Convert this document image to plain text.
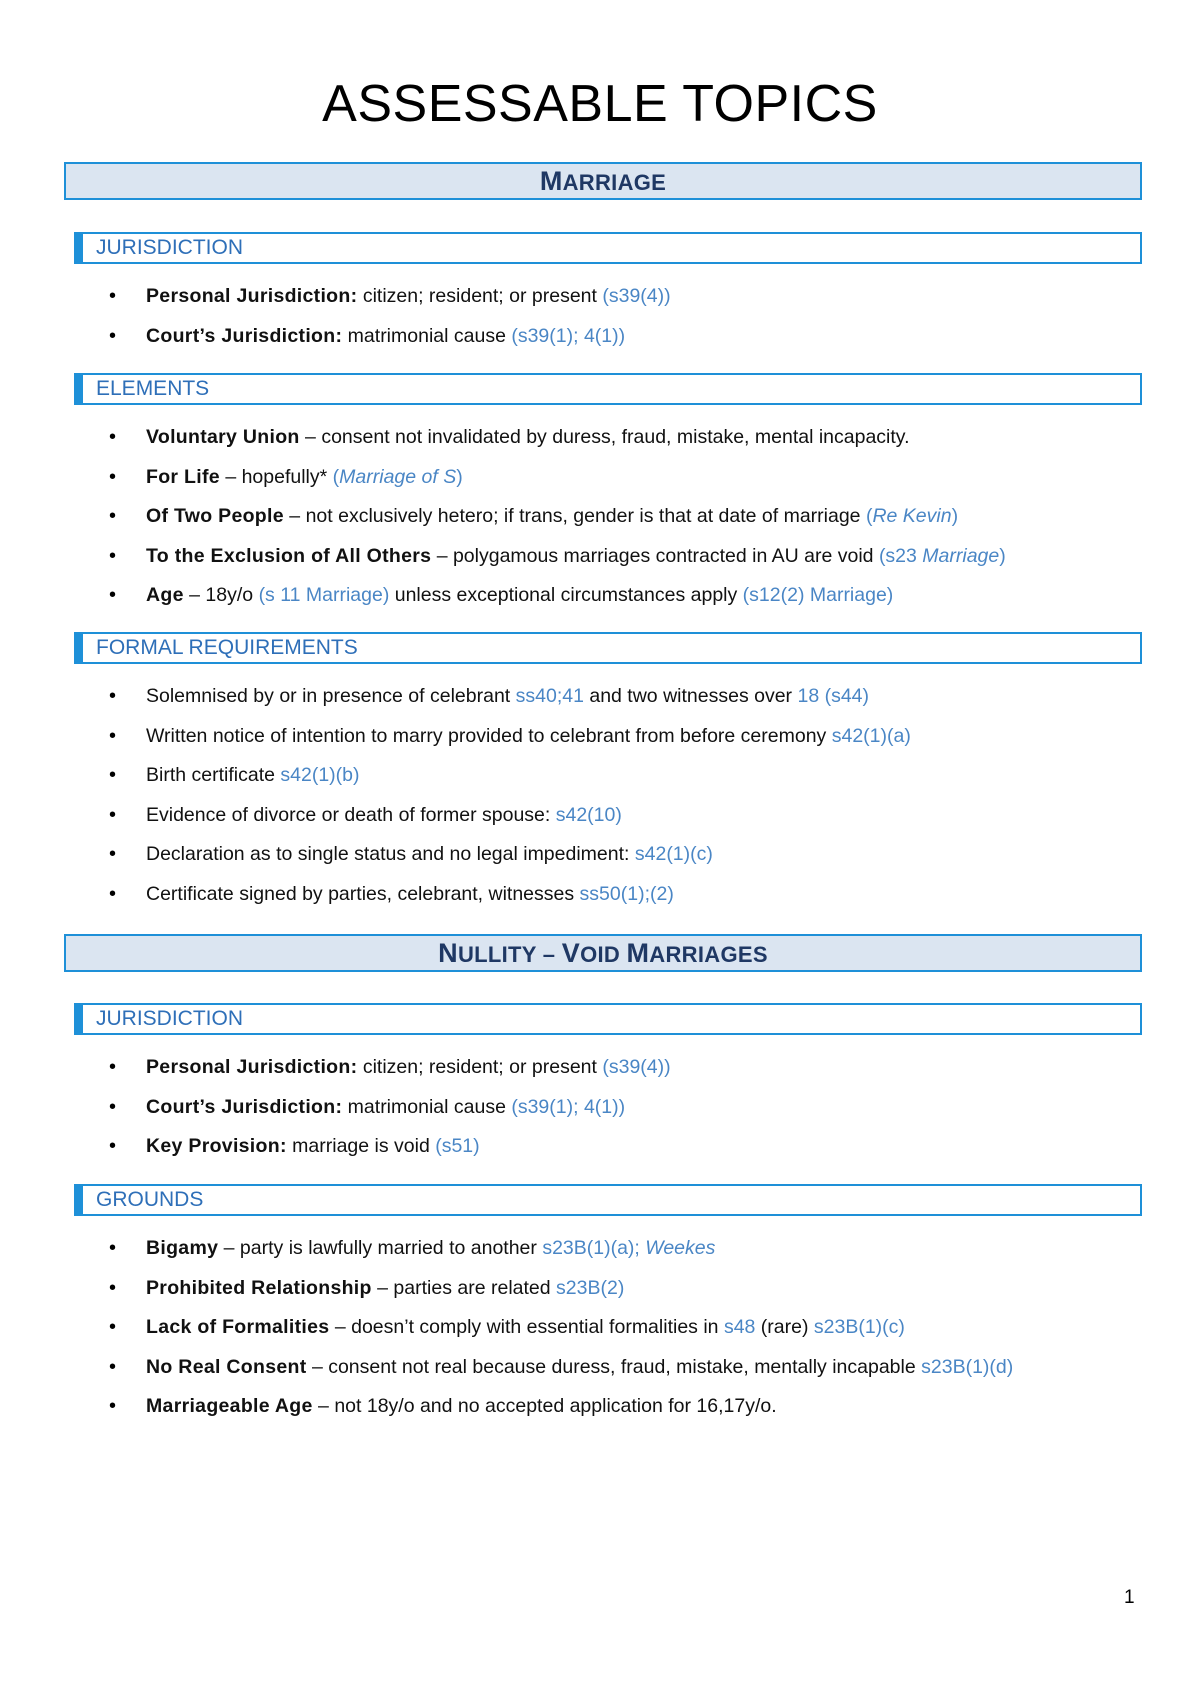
ASSESSABLE TOPICS
MARRIAGE
JURISDICTION
• Personal Jurisdiction: citizen; resident; or present (s39(4))
• Court’s Jurisdiction: matrimonial cause (s39(1); 4(1))
ELEMENTS
• Voluntary Union – consent not invalidated by duress, fraud, mistake, mental incapacity.
• For Life – hopefully* (Marriage of S)
• Of Two People – not exclusively hetero; if trans, gender is that at date of marriage (Re Kevin)
• To the Exclusion of All Others – polygamous marriages contracted in AU are void (s23 Marriage)
• Age – 18y/o (s 11 Marriage) unless exceptional circumstances apply (s12(2) Marriage)
FORMAL REQUIREMENTS
• Solemnised by or in presence of celebrant ss40;41 and two witnesses over 18 (s44)
• Written notice of intention to marry provided to celebrant from before ceremony s42(1)(a)
• Birth certificate s42(1)(b)
• Evidence of divorce or death of former spouse: s42(10)
• Declaration as to single status and no legal impediment: s42(1)(c)
• Certificate signed by parties, celebrant, witnesses ss50(1);(2)
NULLITY – VOID MARRIAGES
JURISDICTION
• Personal Jurisdiction: citizen; resident; or present (s39(4))
• Court’s Jurisdiction: matrimonial cause (s39(1); 4(1))
• Key Provision: marriage is void (s51)
GROUNDS
• Bigamy – party is lawfully married to another s23B(1)(a); Weekes
• Prohibited Relationship – parties are related s23B(2)
• Lack of Formalities – doesn’t comply with essential formalities in s48 (rare) s23B(1)(c)
• No Real Consent – consent not real because duress, fraud, mistake, mentally incapable s23B(1)(d)
• Marriageable Age – not 18y/o and no accepted application for 16,17y/o.
1
